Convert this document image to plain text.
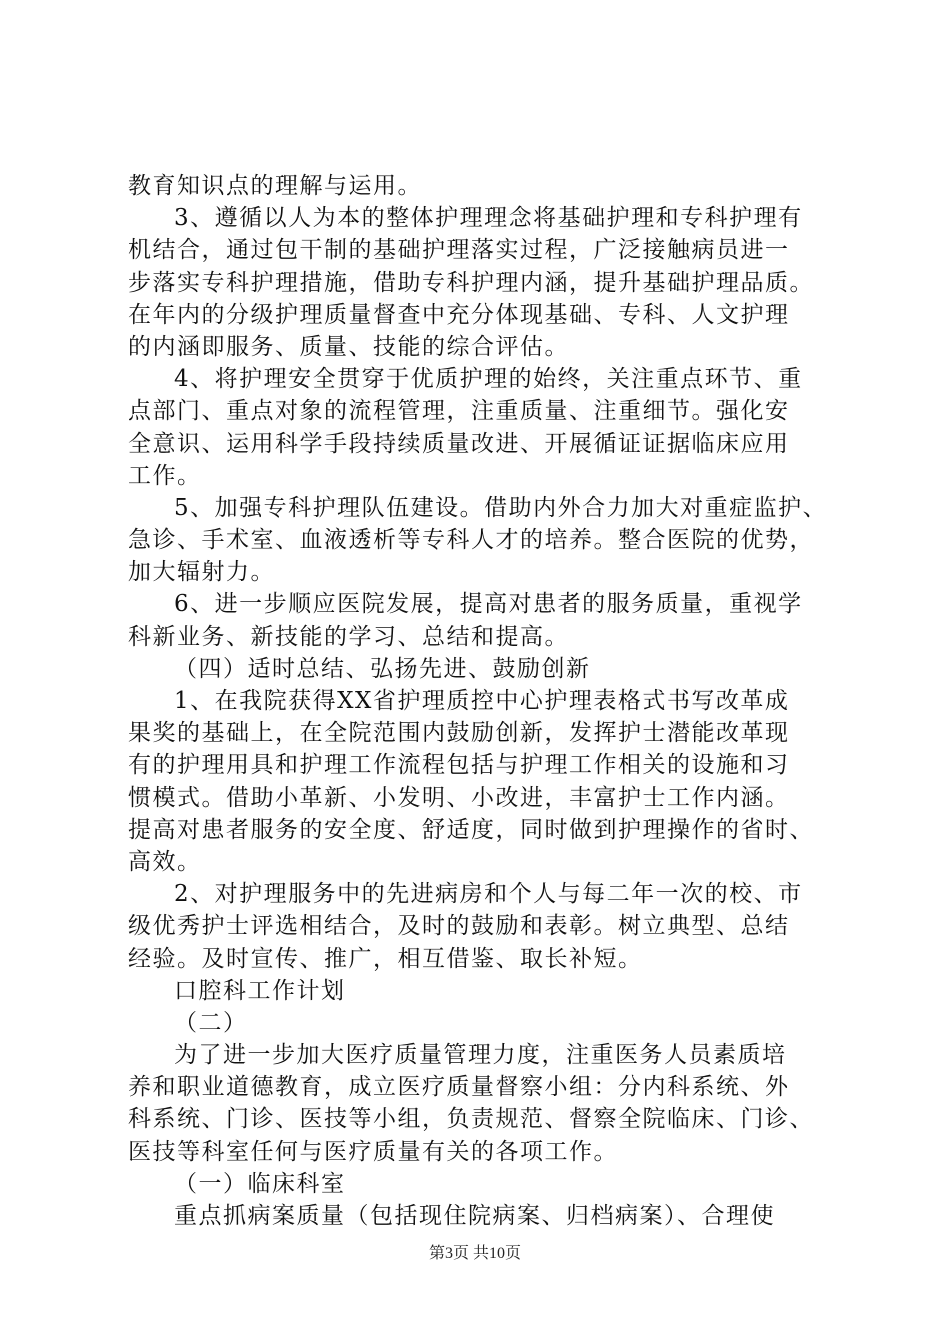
教育知识点的理解与运用。
3、遵循以人为本的整体护理理念将基础护理和专科护理有
机结合，通过包干制的基础护理落实过程，广泛接触病员进一
步落实专科护理措施，借助专科护理内涵，提升基础护理品质。
在年内的分级护理质量督查中充分体现基础、专科、人文护理
的内涵即服务、质量、技能的综合评估。
4、将护理安全贯穿于优质护理的始终，关注重点环节、重
点部门、重点对象的流程管理，注重质量、注重细节。强化安
全意识、运用科学手段持续质量改进、开展循证证据临床应用
工作。
5、加强专科护理队伍建设。借助内外合力加大对重症监护、
急诊、手术室、血液透析等专科人才的培养。整合医院的优势，
加大辐射力。
6、进一步顺应医院发展，提高对患者的服务质量，重视学
科新业务、新技能的学习、总结和提高。
（四）适时总结、弘扬先进、鼓励创新
1、在我院获得XX省护理质控中心护理表格式书写改革成
果奖的基础上，在全院范围内鼓励创新，发挥护士潜能改革现
有的护理用具和护理工作流程包括与护理工作相关的设施和习
惯模式。借助小革新、小发明、小改进，丰富护士工作内涵。
提高对患者服务的安全度、舒适度，同时做到护理操作的省时、
高效。
2、对护理服务中的先进病房和个人与每二年一次的校、市
级优秀护士评选相结合，及时的鼓励和表彰。树立典型、总结
经验。及时宣传、推广，相互借鉴、取长补短。
口腔科工作计划
（二）
为了进一步加大医疗质量管理力度，注重医务人员素质培
养和职业道德教育，成立医疗质量督察小组：分内科系统、外
科系统、门诊、医技等小组，负责规范、督察全院临床、门诊、
医技等科室任何与医疗质量有关的各项工作。
（一）临床科室
重点抓病案质量（包括现住院病案、归档病案）、合理使
第3页 共10页
